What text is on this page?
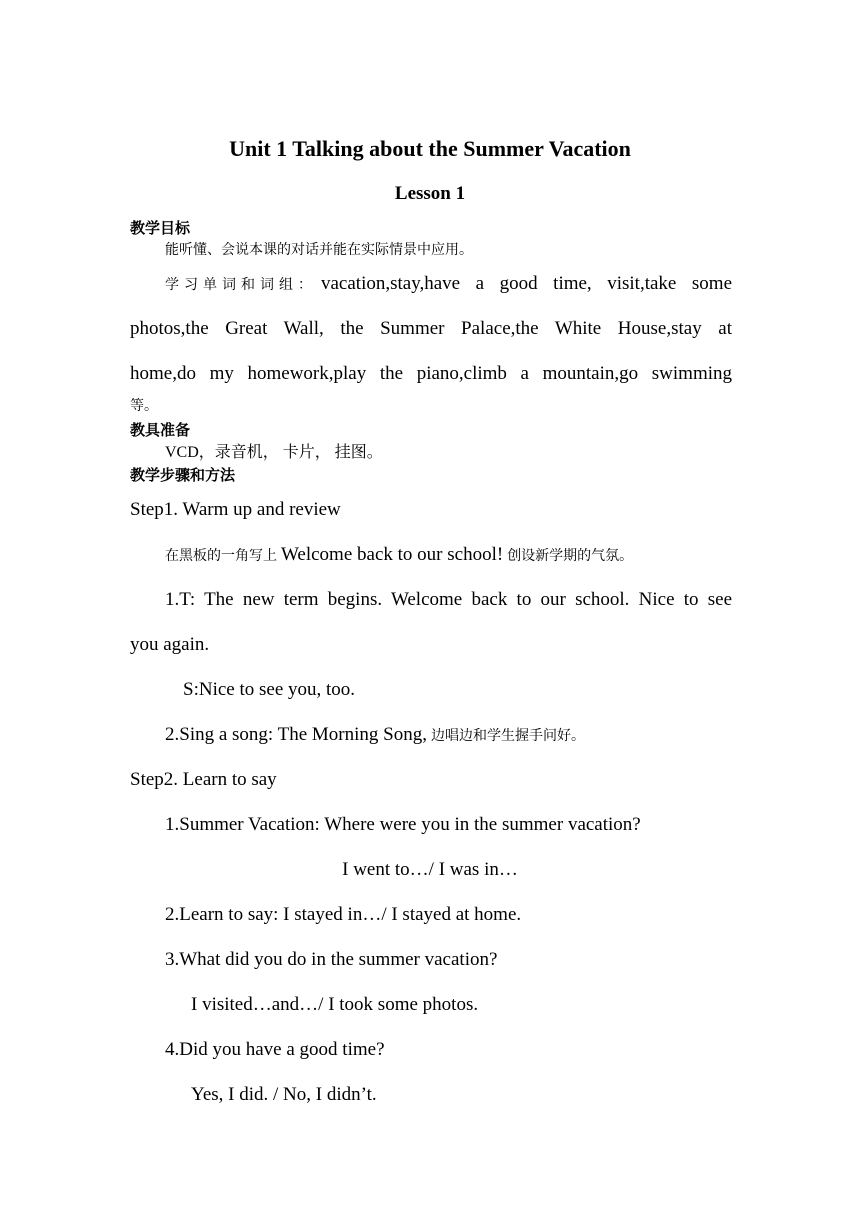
Unit 1 Talking about the Summer Vacation
Lesson 1
教学目标
能听懂、会说本课的对话并能在实际情景中应用。
学习单词和词组： vacation,stay,have a good time, visit,take some
photos,the Great Wall, the Summer Palace,the White House,stay at
home,do my homework,play the piano,climb a mountain,go swimming
等。
教具准备
VCD，录音机， 卡片， 挂图。
教学步骤和方法
Step1. Warm up and review
在黑板的一角写上 Welcome back to our school! 创设新学期的气氛。
1.T: The new term begins. Welcome back to our school. Nice to see
you again.
S:Nice to see you, too.
2.Sing a song: The Morning Song, 边唱边和学生握手问好。
Step2. Learn to say
1.Summer Vacation: Where were you in the summer vacation?
I went to…/ I was in…
2.Learn to say: I stayed in…/ I stayed at home.
3.What did you do in the summer vacation?
I visited…and…/ I took some photos.
4.Did you have a good time?
Yes, I did. / No, I didn’t.
